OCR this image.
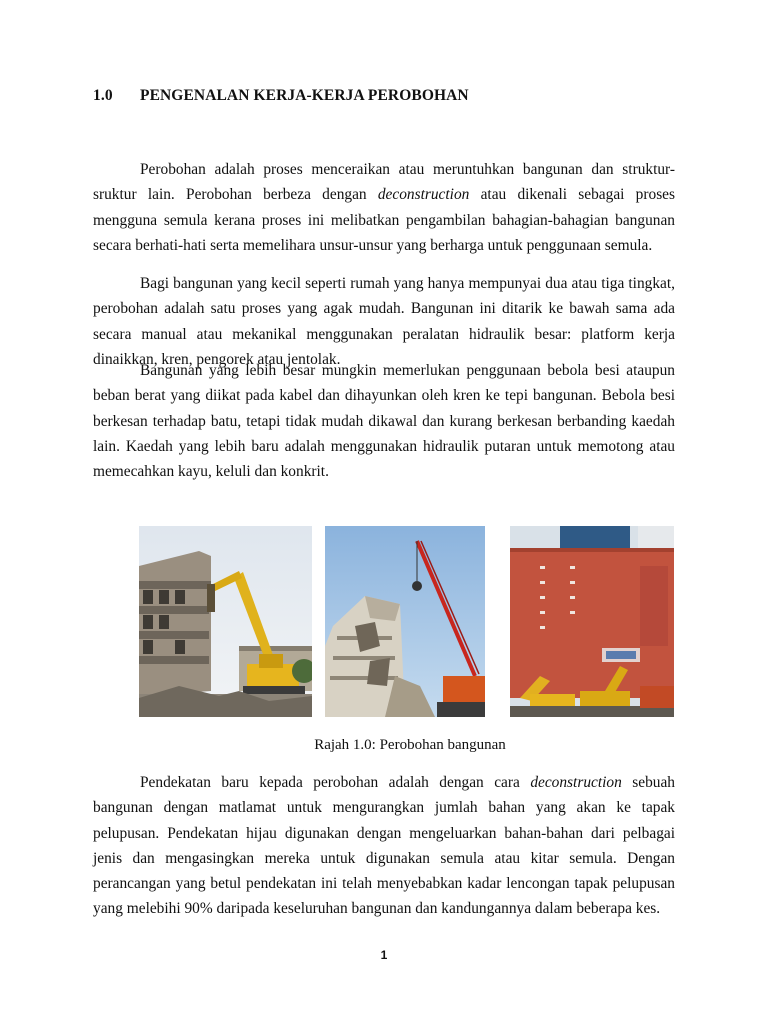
1.0 PENGENALAN KERJA-KERJA PEROBOHAN

Perobohan adalah proses menceraikan atau meruntuhkan bangunan dan struktur-sruktur lain. Perobohan berbeza dengan deconstruction atau dikenali sebagai proses mengguna semula kerana proses ini melibatkan pengambilan bahagian-bahagian bangunan secara berhati-hati serta memelihara unsur-unsur yang berharga untuk penggunaan semula.

Bagi bangunan yang kecil seperti rumah yang hanya mempunyai dua atau tiga tingkat, perobohan adalah satu proses yang agak mudah. Bangunan ini ditarik ke bawah sama ada secara manual atau mekanikal menggunakan peralatan hidraulik besar: platform kerja dinaikkan, kren, pengorek atau jentolak.

Bangunan yang lebih besar mungkin memerlukan penggunaan bebola besi ataupun beban berat yang diikat pada kabel dan dihayunkan oleh kren ke tepi bangunan. Bebola besi berkesan terhadap batu, tetapi tidak mudah dikawal dan kurang berkesan berbanding kaedah lain. Kaedah yang lebih baru adalah menggunakan hidraulik putaran untuk memotong atau memecahkan kayu, keluli dan konkrit.

Rajah 1.0: Perobohan bangunan

Pendekatan baru kepada perobohan adalah dengan cara deconstruction sebuah bangunan dengan matlamat untuk mengurangkan jumlah bahan yang akan ke tapak pelupusan. Pendekatan hijau digunakan dengan mengeluarkan bahan-bahan dari pelbagai jenis dan mengasingkan mereka untuk digunakan semula atau kitar semula. Dengan perancangan yang betul pendekatan ini telah menyebabkan kadar lencongan tapak pelupusan yang melebihi 90% daripada keseluruhan bangunan dan kandungannya dalam beberapa kes.

1
